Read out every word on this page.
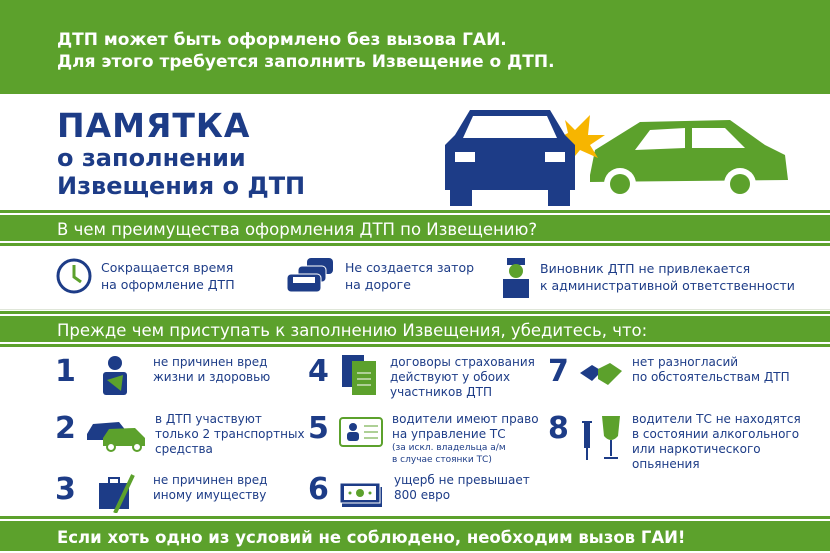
ДТП может быть оформлено без вызова ГАИ.
Для этого требуется заполнить Извещение о ДТП.
ПАМЯТКА
о заполнении
Извещения о ДТП
В чем преимущества оформления ДТП по Извещению?
Сокращается время
на оформление ДТП
Не создается затор
на дороге
Виновник ДТП не привлекается
к административной ответственности
Прежде чем приступать к заполнению Извещения, убедитесь, что:
1	не причинен вред
жизни и здоровью
2	в ДТП участвуют
только 2 транспортных
средства
3	не причинен вред
иному имуществу
4	договоры страхования
действуют у обоих
участников ДТП
5	водители имеют право
на управление ТС
(за искл. владельца а/м
в случае стоянки ТС)
6	ущерб не превышает
800 евро
7	нет разногласий
по обстоятельствам ДТП
8	водители ТС не находятся
в состоянии алкогольного
или наркотического
опьянения
Если хоть одно из условий не соблюдено, необходим вызов ГАИ!
